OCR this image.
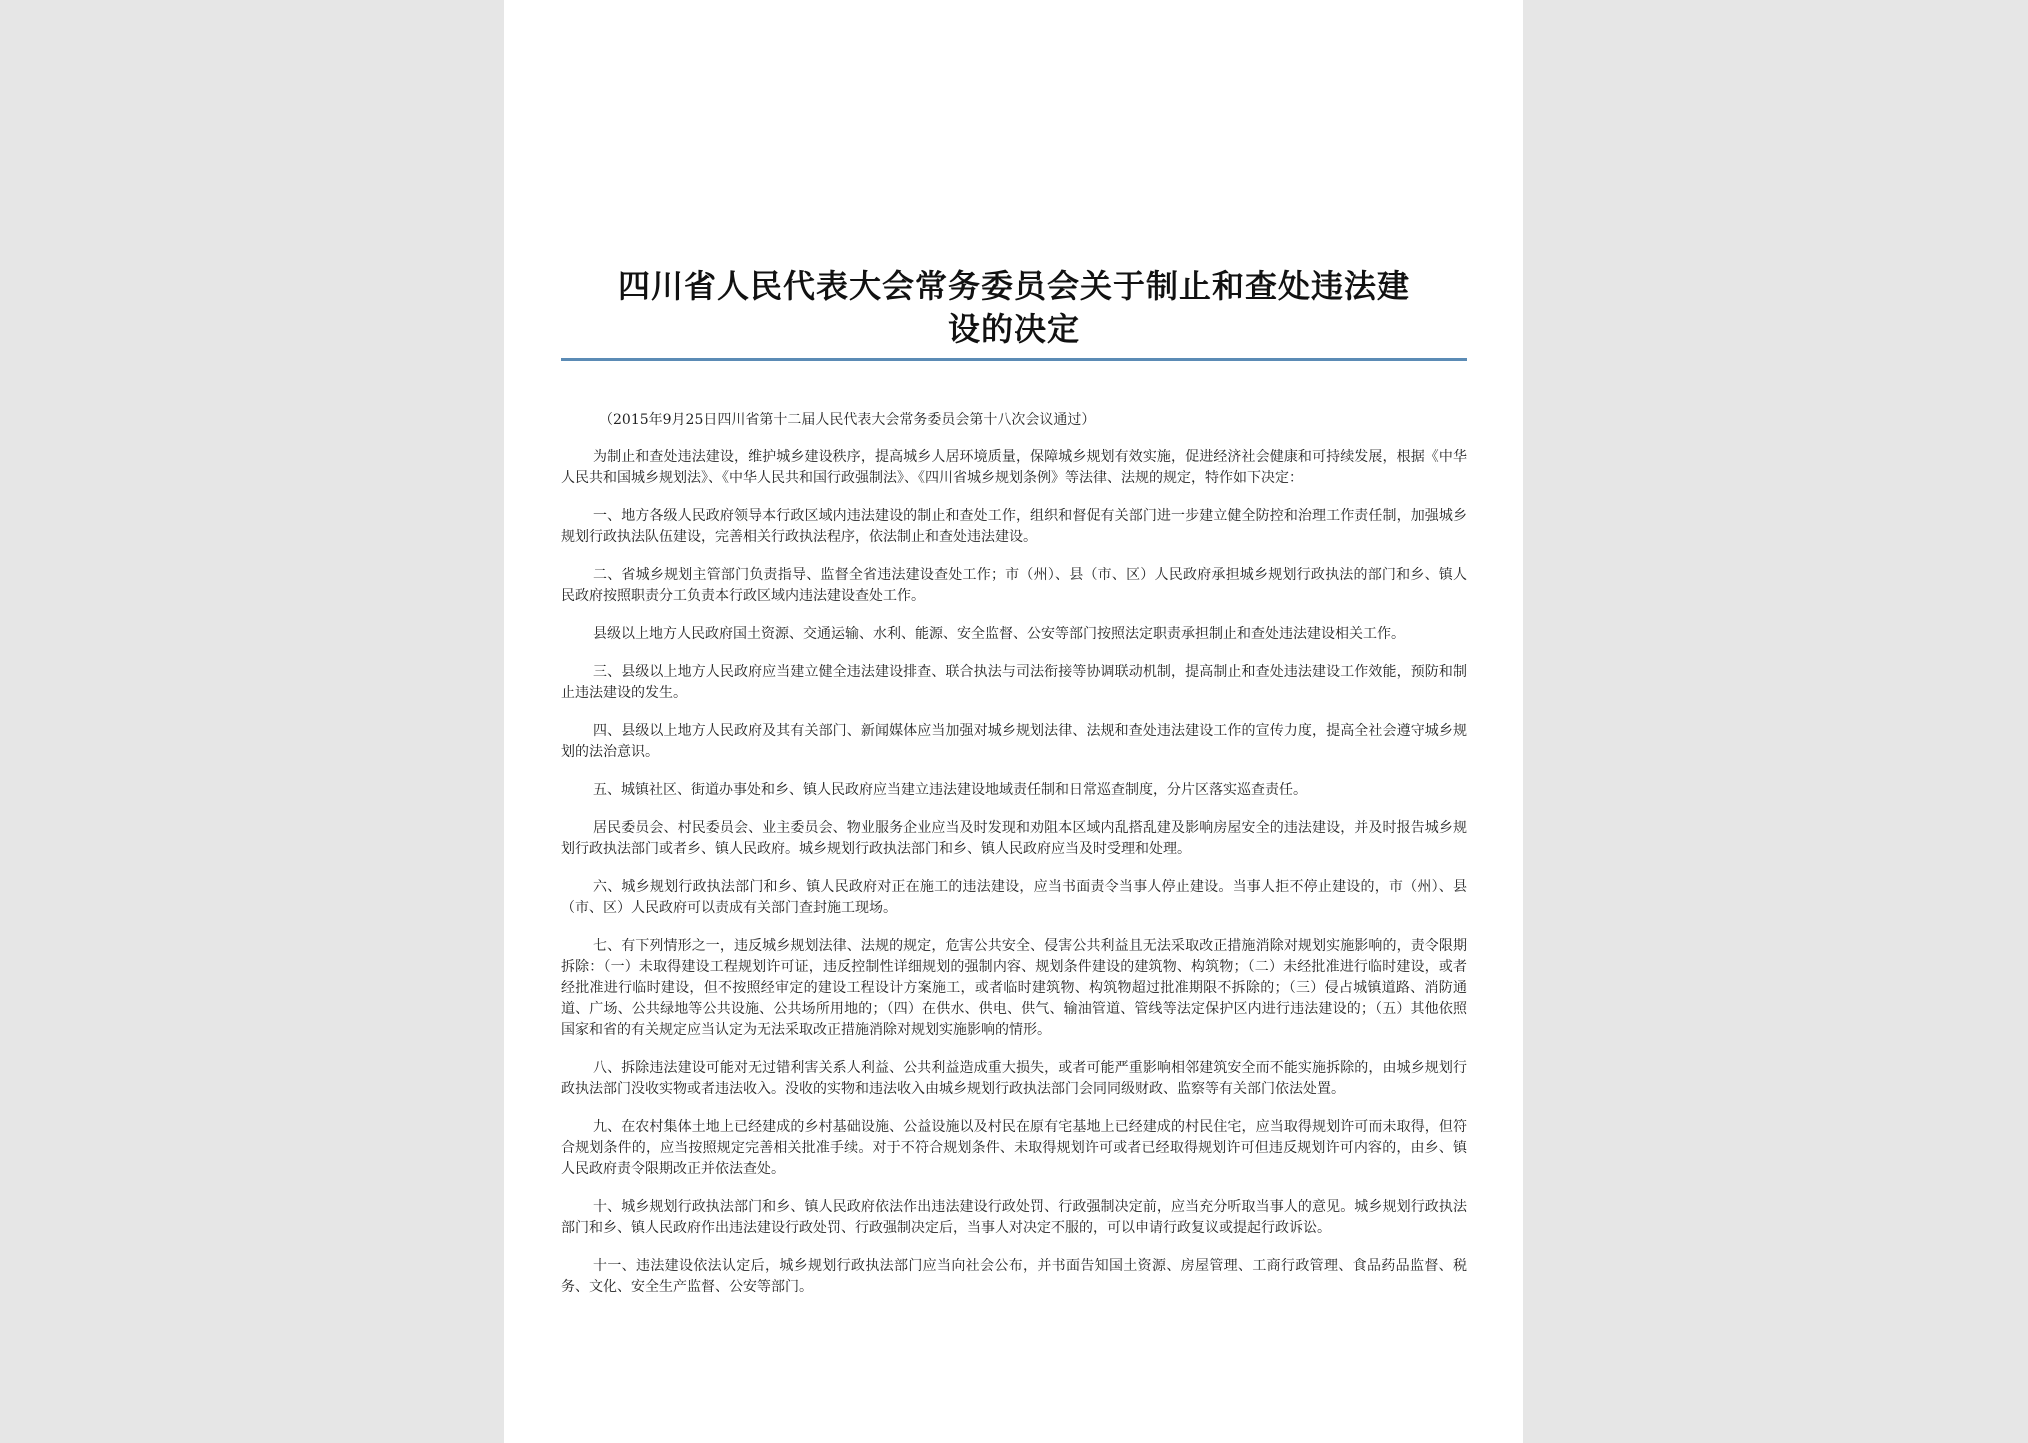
四川省人民代表大会常务委员会关于制止和查处违法建
设的决定

（2015年9月25日四川省第十二届人民代表大会常务委员会第十八次会议通过）

为制止和查处违法建设，维护城乡建设秩序，提高城乡人居环境质量，保障城乡规划有效实施，促进经济社会健康和可持续发展，根据《中华人民共和国城乡规划法》、《中华人民共和国行政强制法》、《四川省城乡规划条例》等法律、法规的规定，特作如下决定：

一、地方各级人民政府领导本行政区域内违法建设的制止和查处工作，组织和督促有关部门进一步建立健全防控和治理工作责任制，加强城乡规划行政执法队伍建设，完善相关行政执法程序，依法制止和查处违法建设。

二、省城乡规划主管部门负责指导、监督全省违法建设查处工作；市（州）、县（市、区）人民政府承担城乡规划行政执法的部门和乡、镇人民政府按照职责分工负责本行政区域内违法建设查处工作。

县级以上地方人民政府国土资源、交通运输、水利、能源、安全监督、公安等部门按照法定职责承担制止和查处违法建设相关工作。

三、县级以上地方人民政府应当建立健全违法建设排查、联合执法与司法衔接等协调联动机制，提高制止和查处违法建设工作效能，预防和制止违法建设的发生。

四、县级以上地方人民政府及其有关部门、新闻媒体应当加强对城乡规划法律、法规和查处违法建设工作的宣传力度，提高全社会遵守城乡规划的法治意识。

五、城镇社区、街道办事处和乡、镇人民政府应当建立违法建设地域责任制和日常巡查制度，分片区落实巡查责任。

居民委员会、村民委员会、业主委员会、物业服务企业应当及时发现和劝阻本区域内乱搭乱建及影响房屋安全的违法建设，并及时报告城乡规划行政执法部门或者乡、镇人民政府。城乡规划行政执法部门和乡、镇人民政府应当及时受理和处理。

六、城乡规划行政执法部门和乡、镇人民政府对正在施工的违法建设，应当书面责令当事人停止建设。当事人拒不停止建设的，市（州）、县（市、区）人民政府可以责成有关部门查封施工现场。

七、有下列情形之一，违反城乡规划法律、法规的规定，危害公共安全、侵害公共利益且无法采取改正措施消除对规划实施影响的，责令限期拆除：（一）未取得建设工程规划许可证，违反控制性详细规划的强制内容、规划条件建设的建筑物、构筑物；（二）未经批准进行临时建设，或者经批准进行临时建设，但不按照经审定的建设工程设计方案施工，或者临时建筑物、构筑物超过批准期限不拆除的；（三）侵占城镇道路、消防通道、广场、公共绿地等公共设施、公共场所用地的；（四）在供水、供电、供气、输油管道、管线等法定保护区内进行违法建设的；（五）其他依照国家和省的有关规定应当认定为无法采取改正措施消除对规划实施影响的情形。

八、拆除违法建设可能对无过错利害关系人利益、公共利益造成重大损失，或者可能严重影响相邻建筑安全而不能实施拆除的，由城乡规划行政执法部门没收实物或者违法收入。没收的实物和违法收入由城乡规划行政执法部门会同同级财政、监察等有关部门依法处置。

九、在农村集体土地上已经建成的乡村基础设施、公益设施以及村民在原有宅基地上已经建成的村民住宅，应当取得规划许可而未取得，但符合规划条件的，应当按照规定完善相关批准手续。对于不符合规划条件、未取得规划许可或者已经取得规划许可但违反规划许可内容的，由乡、镇人民政府责令限期改正并依法查处。

十、城乡规划行政执法部门和乡、镇人民政府依法作出违法建设行政处罚、行政强制决定前，应当充分听取当事人的意见。城乡规划行政执法部门和乡、镇人民政府作出违法建设行政处罚、行政强制决定后，当事人对决定不服的，可以申请行政复议或提起行政诉讼。

十一、违法建设依法认定后，城乡规划行政执法部门应当向社会公布，并书面告知国土资源、房屋管理、工商行政管理、食品药品监督、税务、文化、安全生产监督、公安等部门。
